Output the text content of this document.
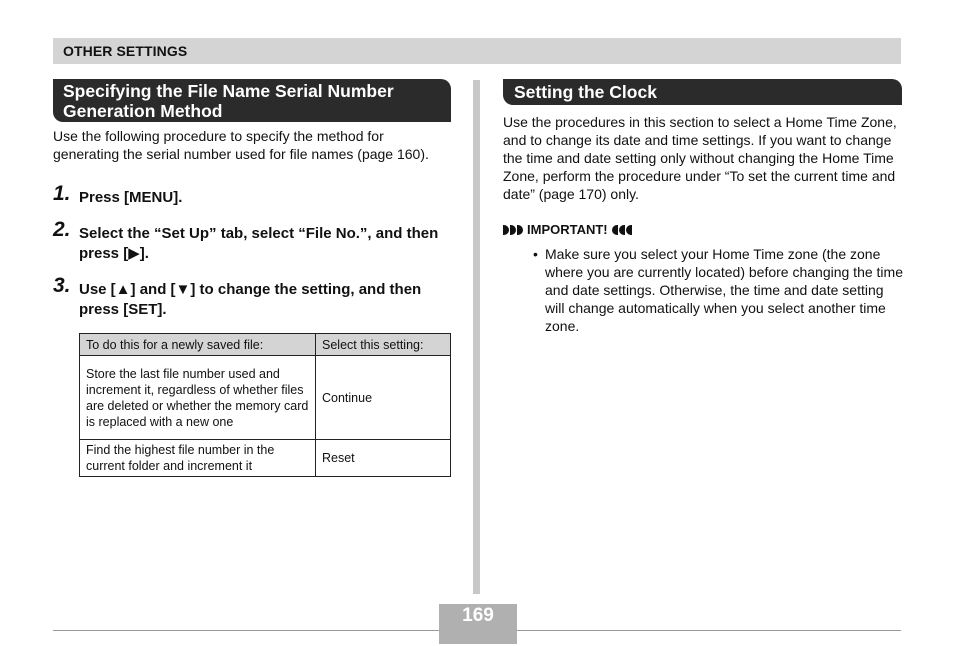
OTHER SETTINGS
Specifying the File Name Serial Number Generation Method
Use the following procedure to specify the method for generating the serial number used for file names (page 160).
1. Press [MENU].
2. Select the “Set Up” tab, select “File No.”, and then press [▶].
3. Use [▲] and [▼] to change the setting, and then press [SET].
To do this for a newly saved file:	Select this setting:
Store the last file number used and increment it, regardless of whether files are deleted or whether the memory card is replaced with a new one	Continue
Find the highest file number in the current folder and increment it	Reset
Setting the Clock
Use the procedures in this section to select a Home Time Zone, and to change its date and time settings. If you want to change the time and date setting only without changing the Home Time Zone, perform the procedure under “To set the current time and date” (page 170) only.
IMPORTANT!
• Make sure you select your Home Time zone (the zone where you are currently located) before changing the time and date settings. Otherwise, the time and date setting will change automatically when you select another time zone.
169
